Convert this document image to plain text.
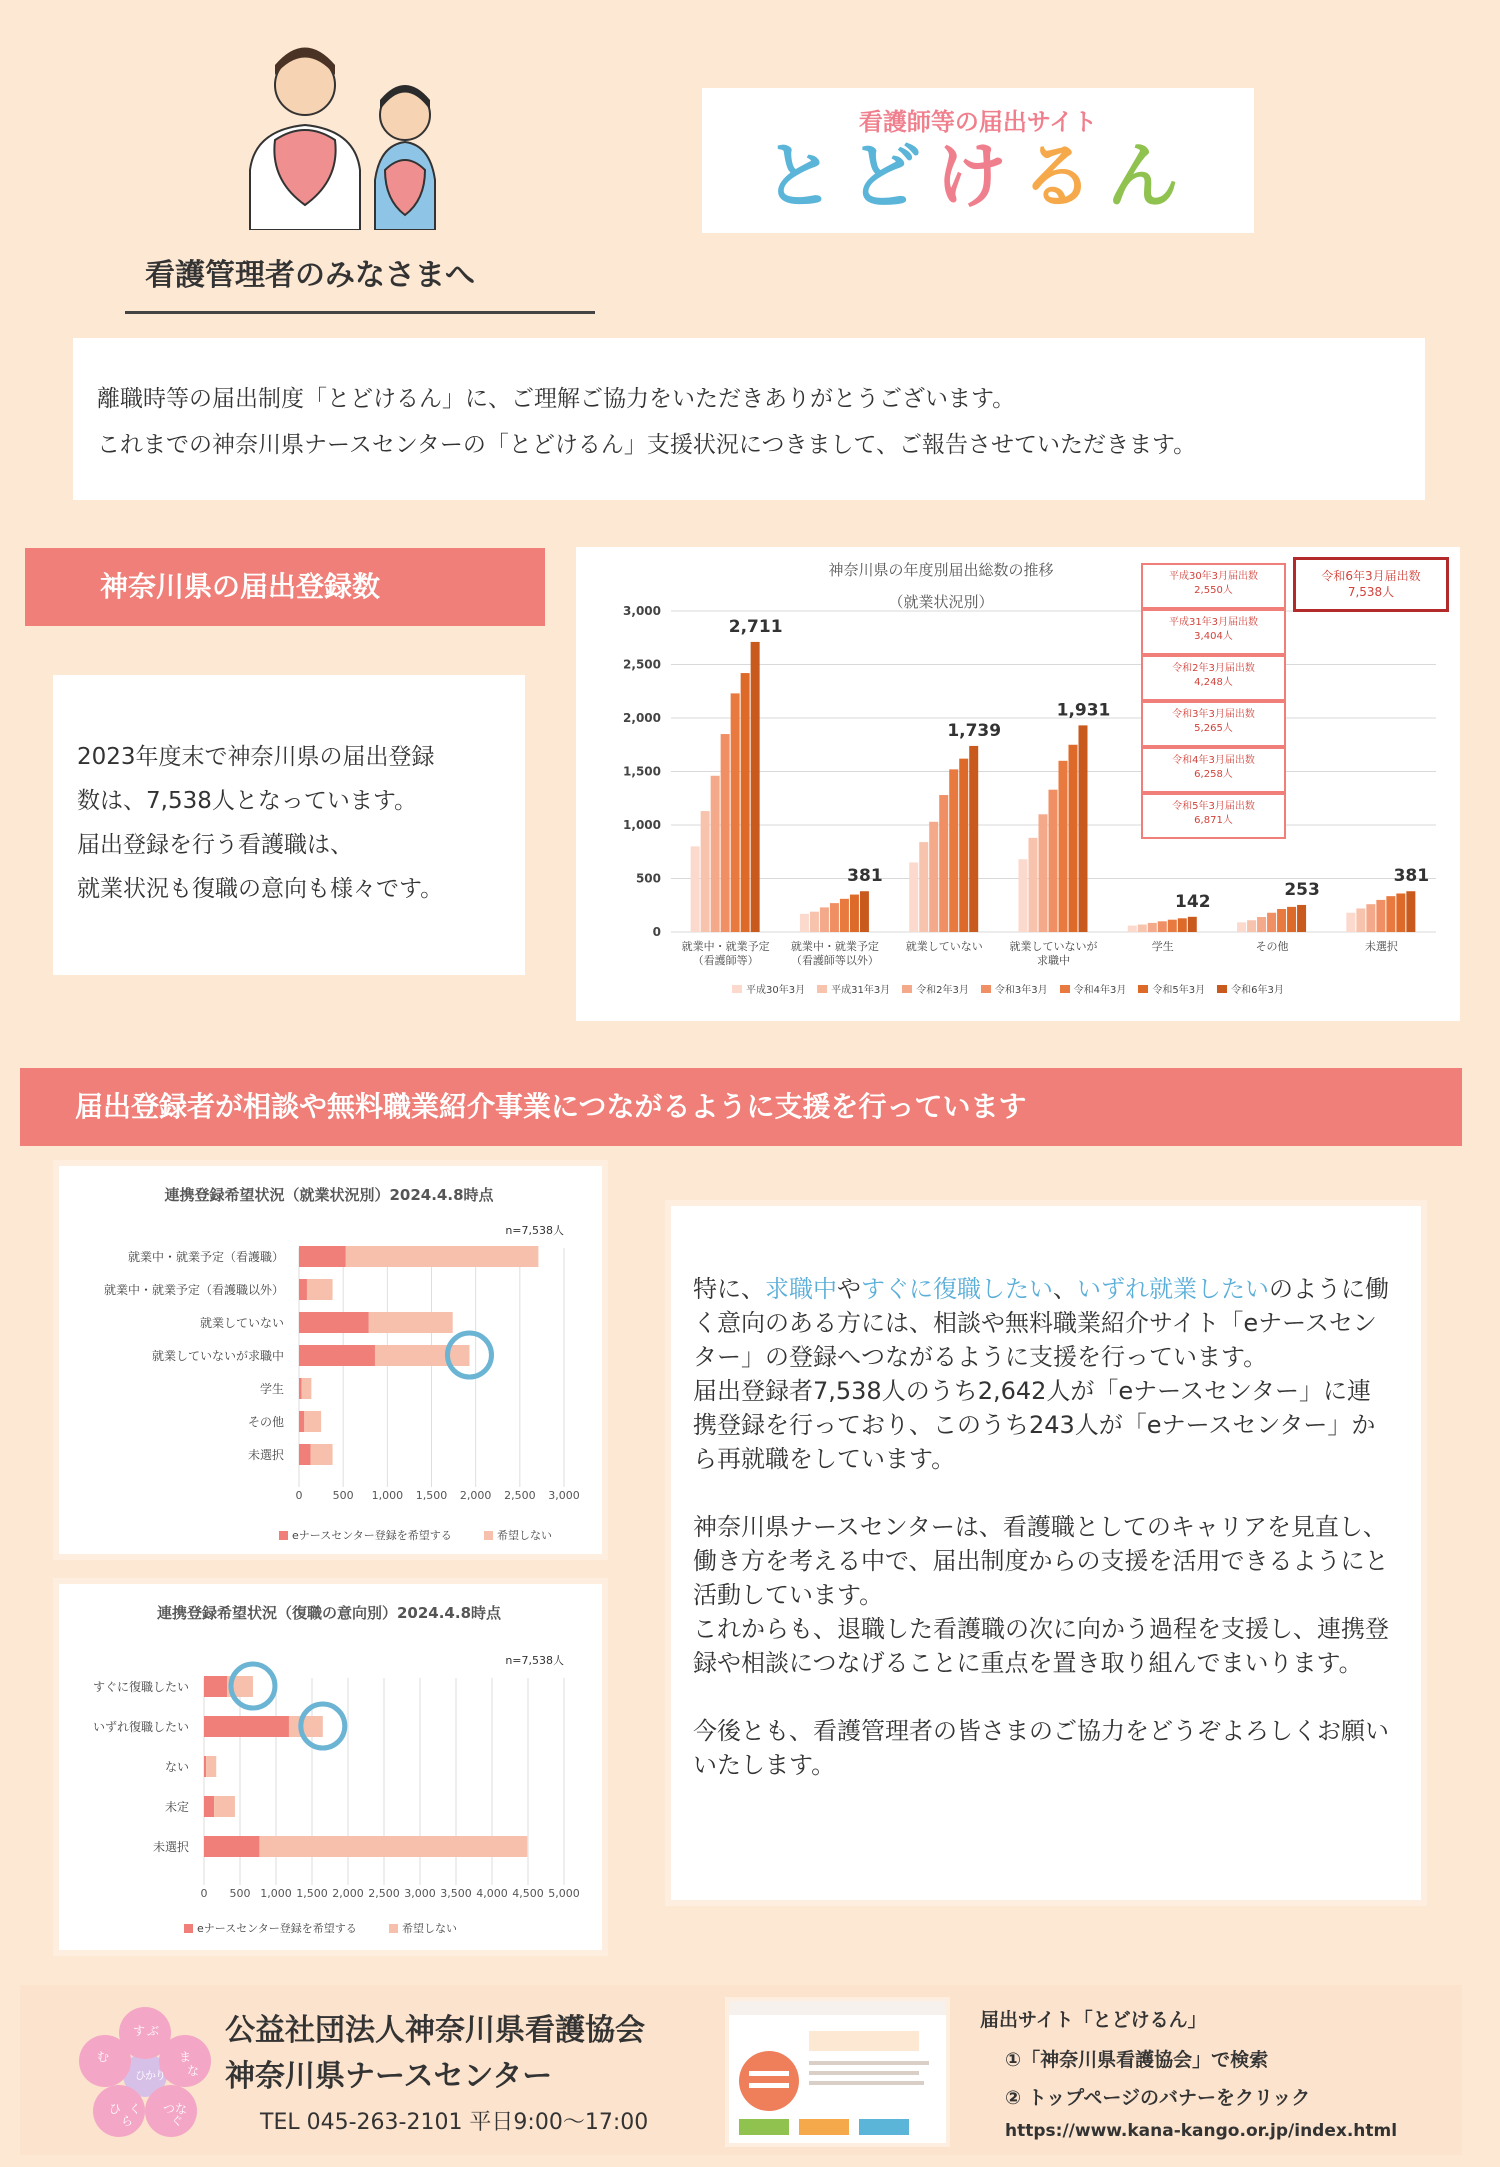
看護師等の届出サイト
とどけるん
看護管理者のみなさまへ
離職時等の届出制度「とどけるん」に、ご理解ご協力をいただきありがとうございます。
これまでの神奈川県ナースセンターの「とどけるん」支援状況につきまして、ご報告させていただきます。
神奈川県の届出登録数
2023年度末で神奈川県の届出登録
数は、7,538人となっています。
届出登録を行う看護職は、
就業状況も復職の意向も様々です。
神奈川県の年度別届出総数の推移
（就業状況別）
0
500
1,000
1,500
2,000
2,500
3,000
2,711
就業中・就業予定
（看護師等）
381
就業中・就業予定
（看護師等以外）
1,739
就業していない
1,931
就業していないが
求職中
142
学生
253
その他
381
未選択
平成30年3月	平成31年3月	令和2年3月	令和3年3月	令和4年3月	令和5年3月	令和6年3月
平成30年3月届出数
2,550人
平成31年3月届出数
3,404人
令和2年3月届出数
4,248人
令和3年3月届出数
5,265人
令和4年3月届出数
6,258人
令和5年3月届出数
6,871人
令和6年3月届出数
7,538人
届出登録者が相談や無料職業紹介事業につながるように支援を行っています
連携登録希望状況（就業状況別）2024.4.8時点
0	500 1,000 1,500 2,000 2,500 3,000
n=7,538人
就業中・就業予定（看護職）
就業中・就業予定（看護職以外）
就業していない
就業していないが求職中
学生
その他
未選択
eナースセンター登録を希望する	希望しない
連携登録希望状況（復職の意向別）2024.4.8時点
0 500 1,000 1,500 2,000 2,500 3,000 3,500 4,000 4,500 5,000
n=7,538人
すぐに復職したい
いずれ復職したい
ない
未定
未選択
eナースセンター登録を希望する	希望しない

特に、求職中やすぐに復職したい、いずれ就業したいのように働く意向のある方には、相談や無料職業紹介サイト「eナースセンター」の登録へつながるように支援を行っています。

届出登録者7,538人のうち2,642人が「eナースセンター」に連携登録を行っており、このうち243人が「eナースセンター」から再就職をしています。

神奈川県ナースセンターは、看護職としてのキャリアを見直し、働き方を考える中で、届出制度からの支援を活用できるようにと活動しています。

これからも、退職した看護職の次に向かう過程を支援し、連携登録や相談につなげることに重点を置き取り組んでまいります。

今後とも、看護管理者の皆さまのご協力をどうぞよろしくお願いいたします。

す
ま
な
む
ぶ
ひ
ら
く つ な
ぐ
ひ か り
公益社団法人神奈川県看護協会
神奈川県ナースセンター
TEL 045-263-2101 平日9:00～17:00
届出サイト「とどけるん」
①「神奈川県看護協会」で検索
② トップページのバナーをクリック
https://www.kana-kango.or.jp/index.html
